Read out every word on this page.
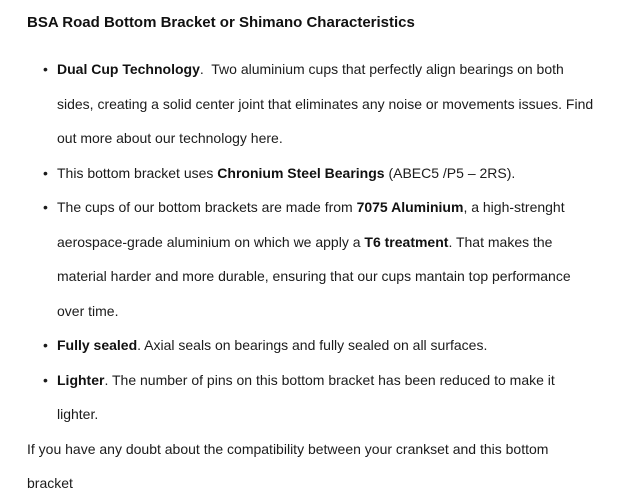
BSA Road Bottom Bracket or Shimano Characteristics
• Dual Cup Technology.  Two aluminium cups that perfectly align bearings on both sides, creating a solid center joint that eliminates any noise or movements issues. Find out more about our technology here.
• This bottom bracket uses Chronium Steel Bearings (ABEC5 /P5 – 2RS).
• The cups of our bottom brackets are made from 7075 Aluminium, a high-strenght aerospace-grade aluminium on which we apply a T6 treatment. That makes the material harder and more durable, ensuring that our cups mantain top performance over time.
• Fully sealed. Axial seals on bearings and fully sealed on all surfaces.
• Lighter. The number of pins on this bottom bracket has been reduced to make it lighter.

If you have any doubt about the compatibility between your crankset and this bottom bracket
